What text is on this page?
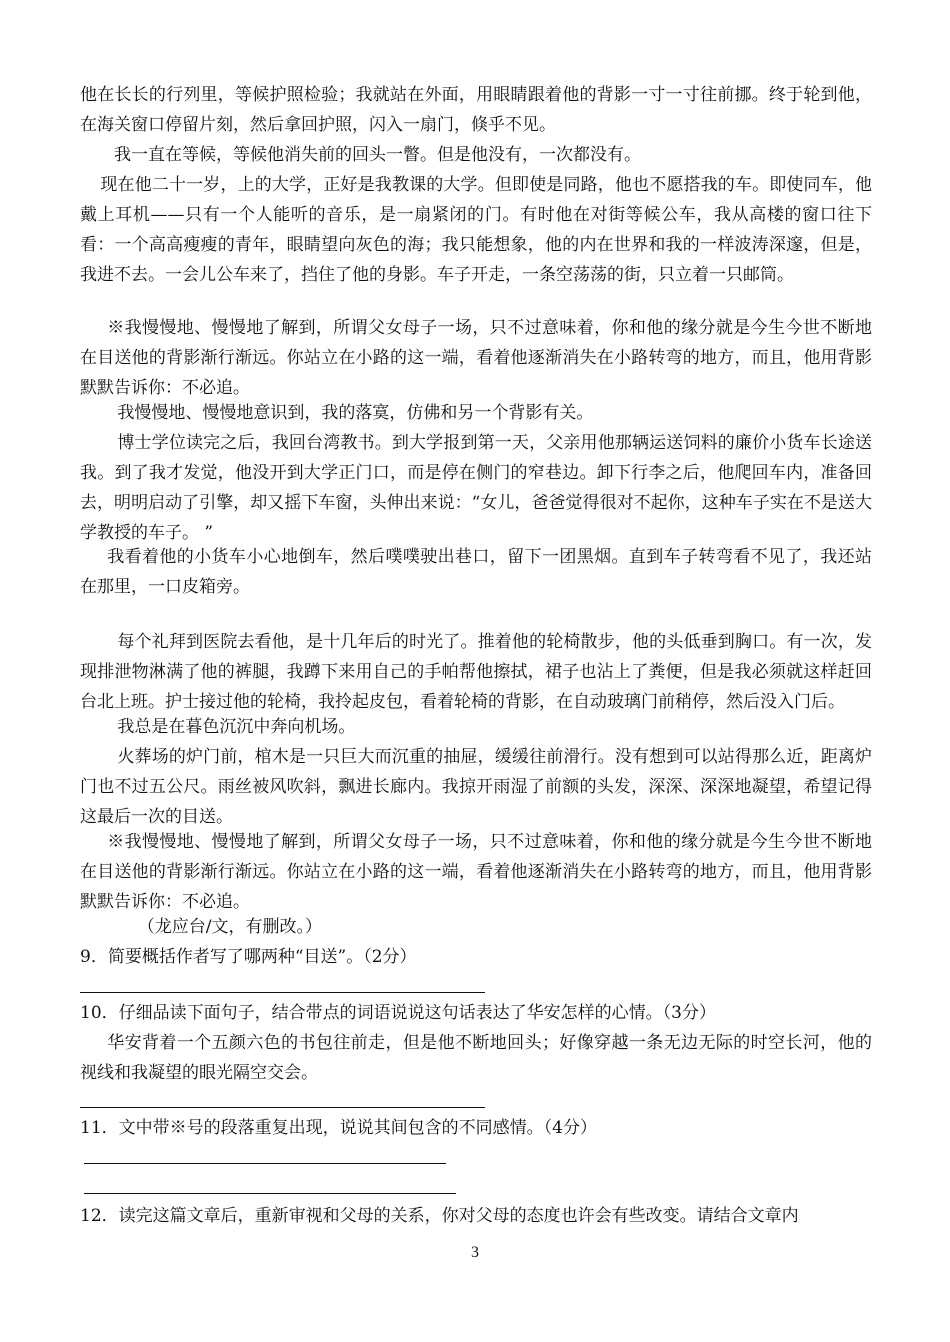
他在长长的行列里，等候护照检验；我就站在外面，用眼睛跟着他的背影一寸一寸往前挪。终于轮到他，在海关窗口停留片刻，然后拿回护照，闪入一扇门，倏乎不见。

我一直在等候，等候他消失前的回头一瞥。但是他没有，一次都没有。

现在他二十一岁，上的大学，正好是我教课的大学。但即使是同路，他也不愿搭我的车。即使同车，他戴上耳机——只有一个人能听的音乐，是一扇紧闭的门。有时他在对街等候公车，我从高楼的窗口往下看：一个高高瘦瘦的青年，眼睛望向灰色的海；我只能想象，他的内在世界和我的一样波涛深邃，但是，我进不去。一会儿公车来了，挡住了他的身影。车子开走，一条空荡荡的街，只立着一只邮筒。

※我慢慢地、慢慢地了解到，所谓父女母子一场，只不过意味着，你和他的缘分就是今生今世不断地在目送他的背影渐行渐远。你站立在小路的这一端，看着他逐渐消失在小路转弯的地方，而且，他用背影默默告诉你：不必追。

我慢慢地、慢慢地意识到，我的落寞，仿佛和另一个背影有关。

博士学位读完之后，我回台湾教书。到大学报到第一天，父亲用他那辆运送饲料的廉价小货车长途送我。到了我才发觉，他没开到大学正门口，而是停在侧门的窄巷边。卸下行李之后，他爬回车内，准备回去，明明启动了引擎，却又摇下车窗，头伸出来说：“女儿，爸爸觉得很对不起你，这种车子实在不是送大学教授的车子。 ”

我看着他的小货车小心地倒车，然后噗噗驶出巷口，留下一团黑烟。直到车子转弯看不见了，我还站在那里，一口皮箱旁。

每个礼拜到医院去看他，是十几年后的时光了。推着他的轮椅散步，他的头低垂到胸口。有一次，发现排泄物淋满了他的裤腿，我蹲下来用自己的手帕帮他擦拭，裙子也沾上了粪便，但是我必须就这样赶回台北上班。护士接过他的轮椅，我拎起皮包，看着轮椅的背影，在自动玻璃门前稍停，然后没入门后。

我总是在暮色沉沉中奔向机场。

火葬场的炉门前，棺木是一只巨大而沉重的抽屉，缓缓往前滑行。没有想到可以站得那么近，距离炉门也不过五公尺。雨丝被风吹斜，飘进长廊内。我掠开雨湿了前额的头发，深深、深深地凝望，希望记得这最后一次的目送。

※我慢慢地、慢慢地了解到，所谓父女母子一场，只不过意味着，你和他的缘分就是今生今世不断地在目送他的背影渐行渐远。你站立在小路的这一端，看着他逐渐消失在小路转弯的地方，而且，他用背影默默告诉你：不必追。

（龙应台/文，有删改。）

9．简要概括作者写了哪两种“目送”。（2分）

10．仔细品读下面句子，结合带点的词语说说这句话表达了华安怎样的心情。（3分）

华安背着一个五颜六色的书包往前走，但是他不断地回头；好像穿越一条无边无际的时空长河，他的视线和我凝望的眼光隔空交会。

11．文中带※号的段落重复出现，说说其间包含的不同感情。（4分）

12．读完这篇文章后，重新审视和父母的关系，你对父母的态度也许会有些改变。请结合文章内

3
